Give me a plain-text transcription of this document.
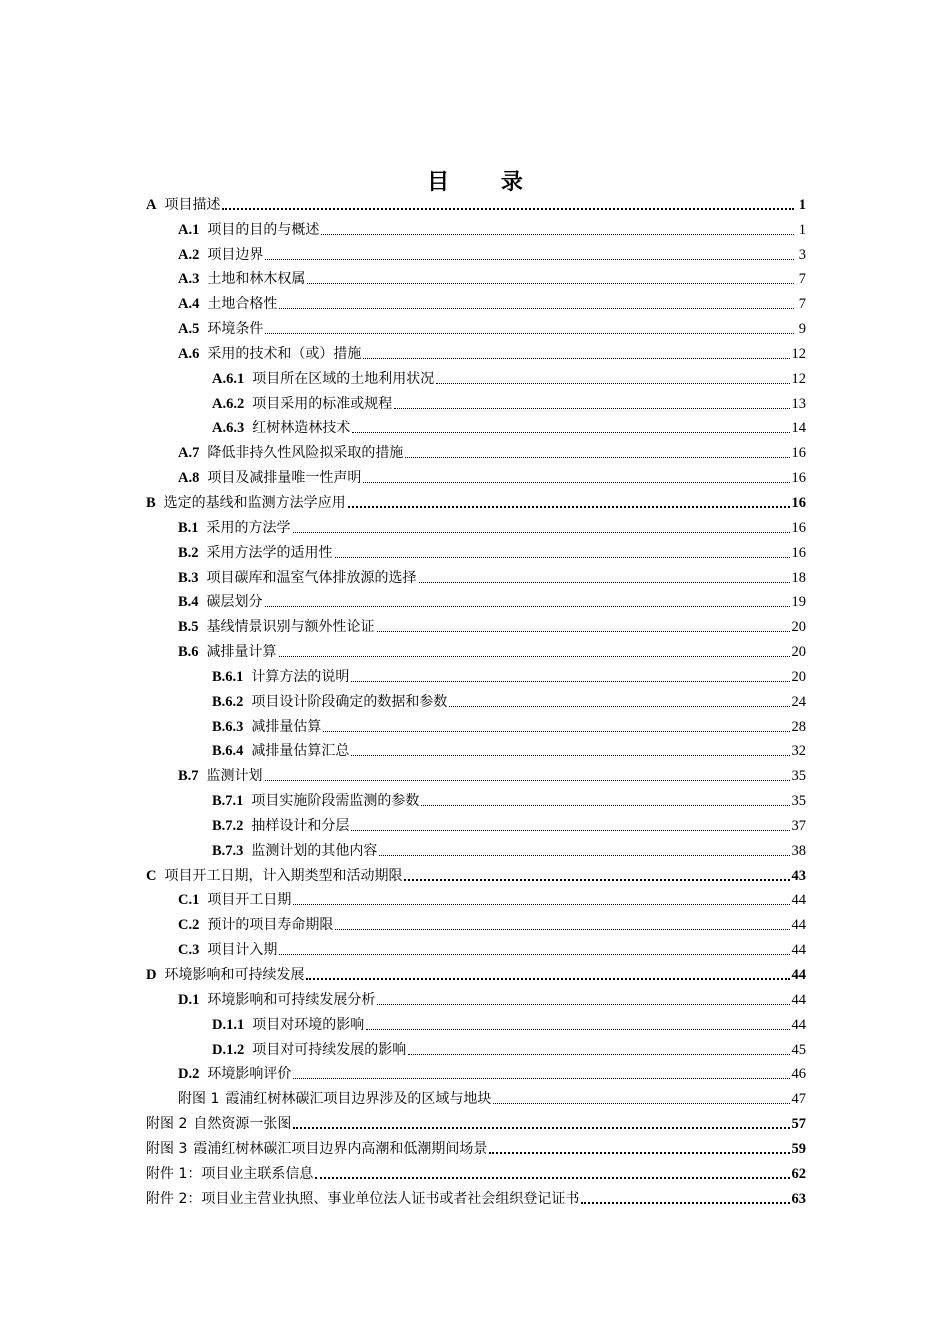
目 录
A 项目描述	1
A.1 项目的目的与概述	1
A.2 项目边界	3
A.3 土地和林木权属	7
A.4 土地合格性	7
A.5 环境条件	9
A.6 采用的技术和（或）措施	12
A.6.1 项目所在区域的土地利用状况	12
A.6.2 项目采用的标准或规程	13
A.6.3 红树林造林技术	14
A.7 降低非持久性风险拟采取的措施	16
A.8 项目及减排量唯一性声明	16
B 选定的基线和监测方法学应用	16
B.1 采用的方法学	16
B.2 采用方法学的适用性	16
B.3 项目碳库和温室气体排放源的选择	18
B.4 碳层划分	19
B.5 基线情景识别与额外性论证	20
B.6 减排量计算	20
B.6.1 计算方法的说明	20
B.6.2 项目设计阶段确定的数据和参数	24
B.6.3 减排量估算	28
B.6.4 减排量估算汇总	32
B.7 监测计划	35
B.7.1 项目实施阶段需监测的参数	35
B.7.2 抽样设计和分层	37
B.7.3 监测计划的其他内容	38
C 项目开工日期，计入期类型和活动期限	43
C.1 项目开工日期	44
C.2 预计的项目寿命期限	44
C.3 项目计入期	44
D 环境影响和可持续发展	44
D.1 环境影响和可持续发展分析	44
D.1.1 项目对环境的影响	44
D.1.2 项目对可持续发展的影响	45
D.2 环境影响评价	46
附图 1 霞浦红树林碳汇项目边界涉及的区域与地块	47
附图 2 自然资源一张图	57
附图 3 霞浦红树林碳汇项目边界内高潮和低潮期间场景	59
附件 1： 项目业主联系信息	62
附件 2： 项目业主营业执照、事业单位法人证书或者社会组织登记证书	63
